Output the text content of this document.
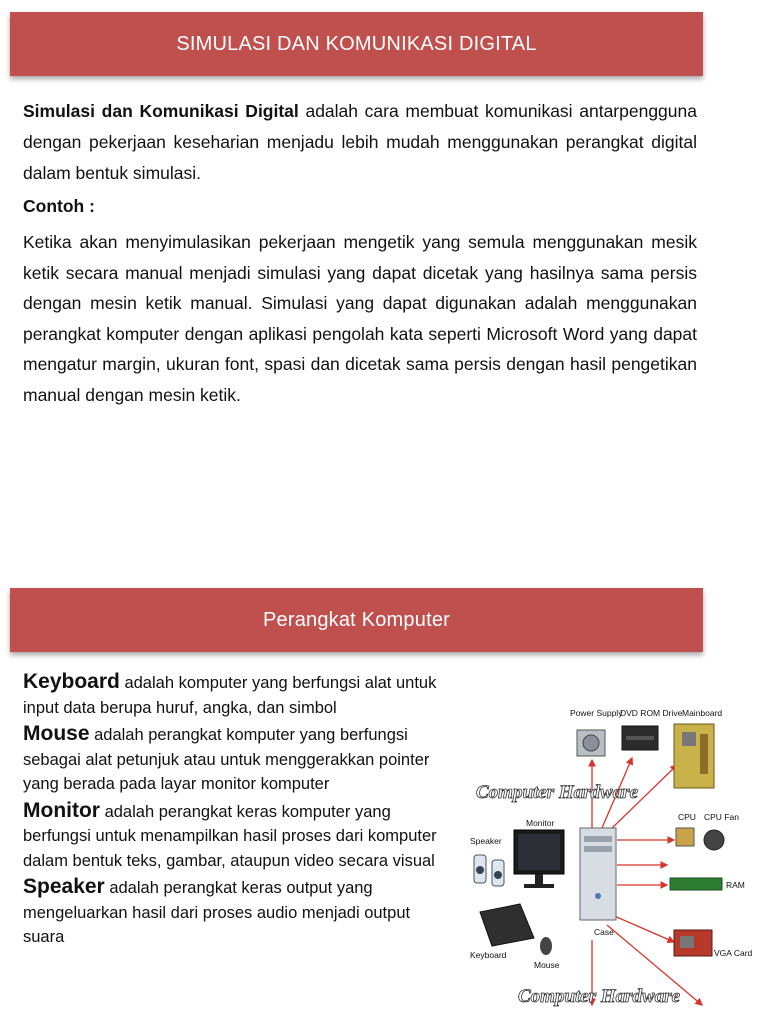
SIMULASI DAN KOMUNIKASI DIGITAL

Simulasi dan Komunikasi Digital adalah cara membuat komunikasi antarpengguna dengan pekerjaan keseharian menjadu lebih mudah menggunakan perangkat digital dalam bentuk simulasi.

Contoh :

Ketika akan menyimulasikan pekerjaan mengetik yang semula menggunakan mesik ketik secara manual menjadi simulasi yang dapat dicetak yang hasilnya sama persis dengan mesin ketik manual. Simulasi yang dapat digunakan adalah menggunakan perangkat komputer dengan aplikasi pengolah kata seperti Microsoft Word yang dapat mengatur margin, ukuran font, spasi dan dicetak sama persis dengan hasil pengetikan manual dengan mesin ketik.

Perangkat Komputer

Keyboard adalah komputer yang berfungsi alat untuk input data berupa huruf, angka, dan simbol

Mouse adalah perangkat komputer yang berfungsi sebagai alat petunjuk atau untuk menggerakkan pointer yang berada pada layar monitor komputer

Monitor adalah perangkat keras komputer yang berfungsi untuk menampilkan hasil proses dari komputer dalam bentuk teks, gambar, ataupun video secara visual

Speaker adalah perangkat keras output yang mengeluarkan hasil dari proses audio menjadi output suara

Power Supply
DVD ROM Drive Mainboard
Computer Hardware
Monitor
Speaker
Case
CPU CPU Fan
RAM
Keyboard
Mouse
VGA Card
Computer Hardware
